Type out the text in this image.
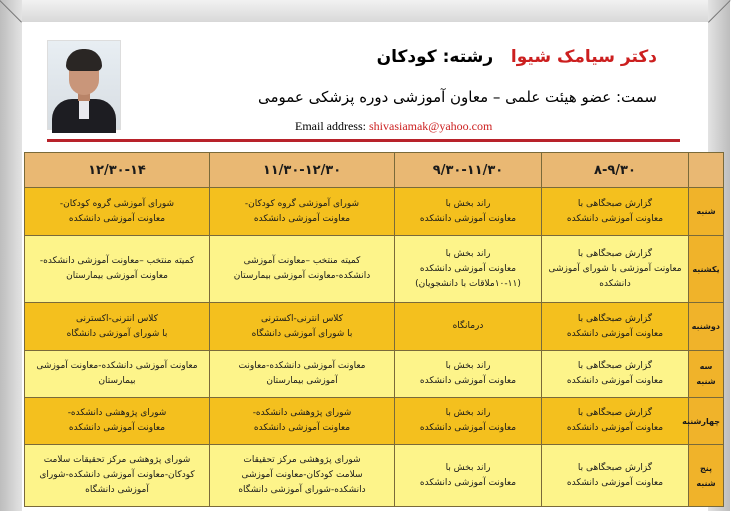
دکتر سیامک شیوا   رشته: کودکان
سمت: عضو هیئت علمی – معاون آموزشی دوره پزشکی عمومی
Email address: shivasiamak@yahoo.com
۱۲/۳۰-۱۴	۱۱/۳۰-۱۲/۳۰	۹/۳۰-۱۱/۳۰	۸-۹/۳۰	
شورای آموزشی گروه کودکان-
معاونت آموزشی دانشکده	شورای آموزشی گروه کودکان-
معاونت آموزشی دانشکده	راند بخش با
معاونت آموزشی دانشکده	گزارش صبحگاهی با
معاونت آموزشی دانشکده	شنبه
کمیته منتخب –معاونت آموزشی دانشکده-
معاونت آموزشی بیمارستان	کمیته منتخب –معاونت آموزشی
دانشکده-معاونت آموزشی بیمارستان	راند بخش با
معاونت آموزشی دانشکده
(۱۰-۱۱ملاقات با دانشجویان)	گزارش صبحگاهی با
معاونت آموزشی با شورای آموزشی
دانشکده	یکشنبه
کلاس انترنی-اکسترنی
با شورای آموزشی دانشگاه	کلاس انترنی-اکسترنی
با شورای آموزشی دانشگاه	درمانگاه	گزارش صبحگاهی با
معاونت آموزشی دانشکده	دوشنبه
معاونت آموزشی دانشکده-معاونت آموزشی
بیمارستان	معاونت آموزشی دانشکده-معاونت
آموزشی بیمارستان	راند بخش با
معاونت آموزشی دانشکده	گزارش صبحگاهی با
معاونت آموزشی دانشکده	سه شنبه
شورای پژوهشی دانشکده-
معاونت آموزشی دانشکده	شورای پژوهشی دانشکده-
معاونت آموزشی دانشکده	راند بخش با
معاونت آموزشی دانشکده	گزارش صبحگاهی با
معاونت آموزشی دانشکده	چهارشنبه
شورای پژوهشی مرکز تحقیقات سلامت
کودکان-معاونت آموزشی دانشکده-شورای
آموزشی دانشگاه	شورای پژوهشی مرکز تحقیقات
سلامت کودکان-معاونت آموزشی
دانشکده-شورای آموزشی دانشگاه	راند بخش با
معاونت آموزشی دانشکده	گزارش صبحگاهی با
معاونت آموزشی دانشکده	پنج شنبه
